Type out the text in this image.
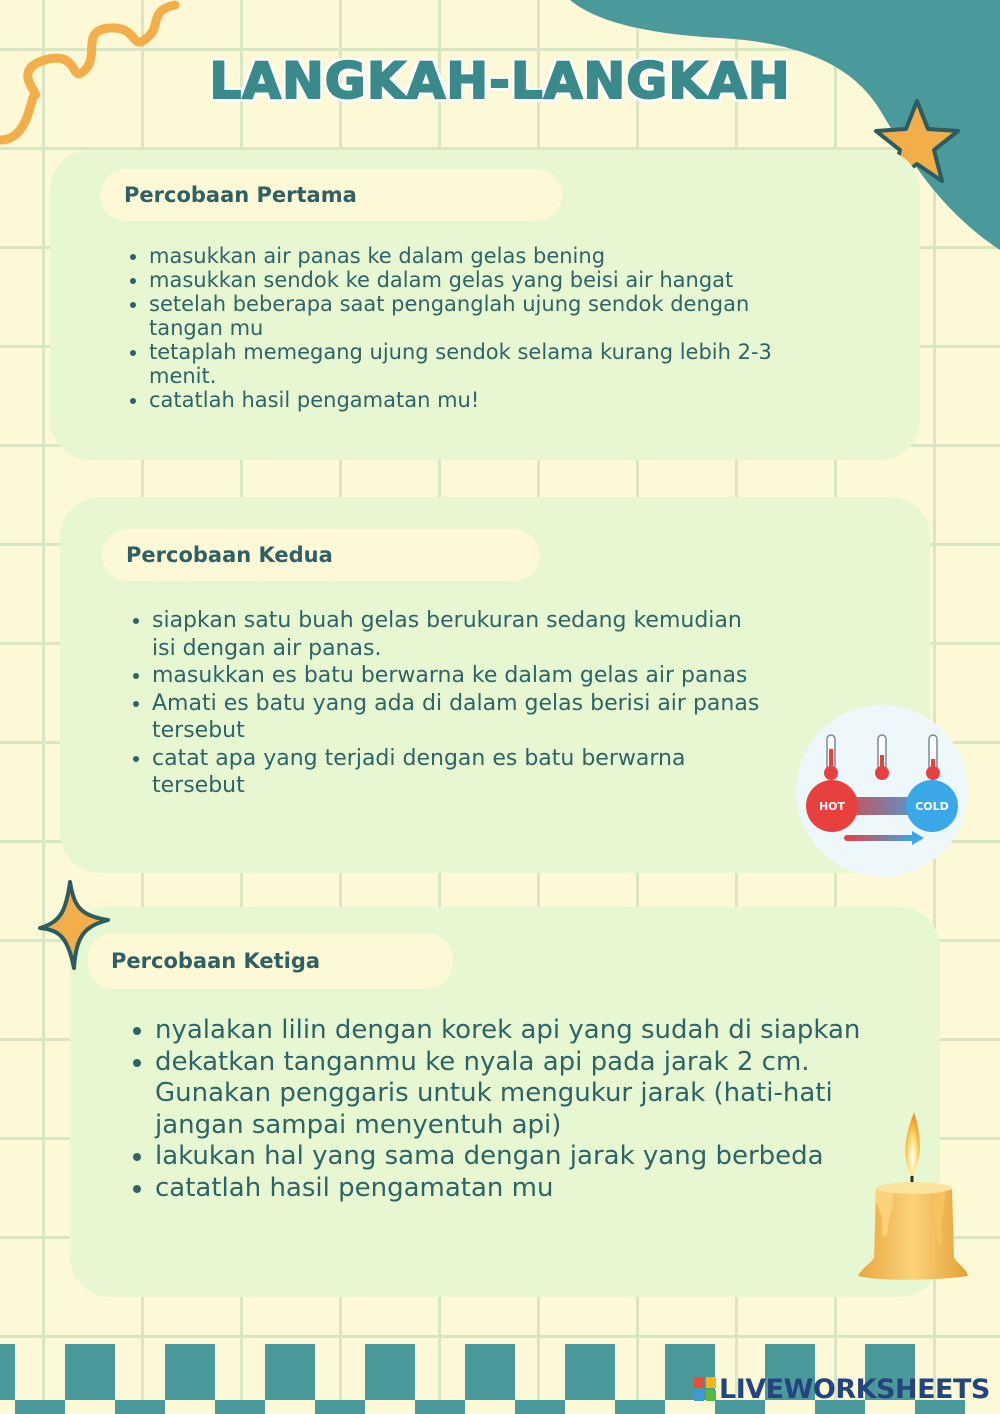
LANGKAH-LANGKAH
Percobaan Pertama
• masukkan air panas ke dalam gelas bening
• masukkan sendok ke dalam gelas yang beisi air hangat
• setelah beberapa saat penganglah ujung sendok dengan tangan mu
• tetaplah memegang ujung sendok selama kurang lebih 2-3 menit.
• catatlah hasil pengamatan mu!
Percobaan Kedua
• siapkan satu buah gelas berukuran sedang kemudian isi dengan air panas.
• masukkan es batu berwarna ke dalam gelas air panas
• Amati es batu yang ada di dalam gelas berisi air panas tersebut
• catat apa yang terjadi dengan es batu berwarna tersebut
HOT	COLD
Percobaan Ketiga
• nyalakan lilin dengan korek api yang sudah di siapkan
• dekatkan tanganmu ke nyala api pada jarak 2 cm. Gunakan penggaris untuk mengukur jarak (hati-hati jangan sampai menyentuh api)
• lakukan hal yang sama dengan jarak yang berbeda
• catatlah hasil pengamatan mu
LIVEWORKSHEETS
